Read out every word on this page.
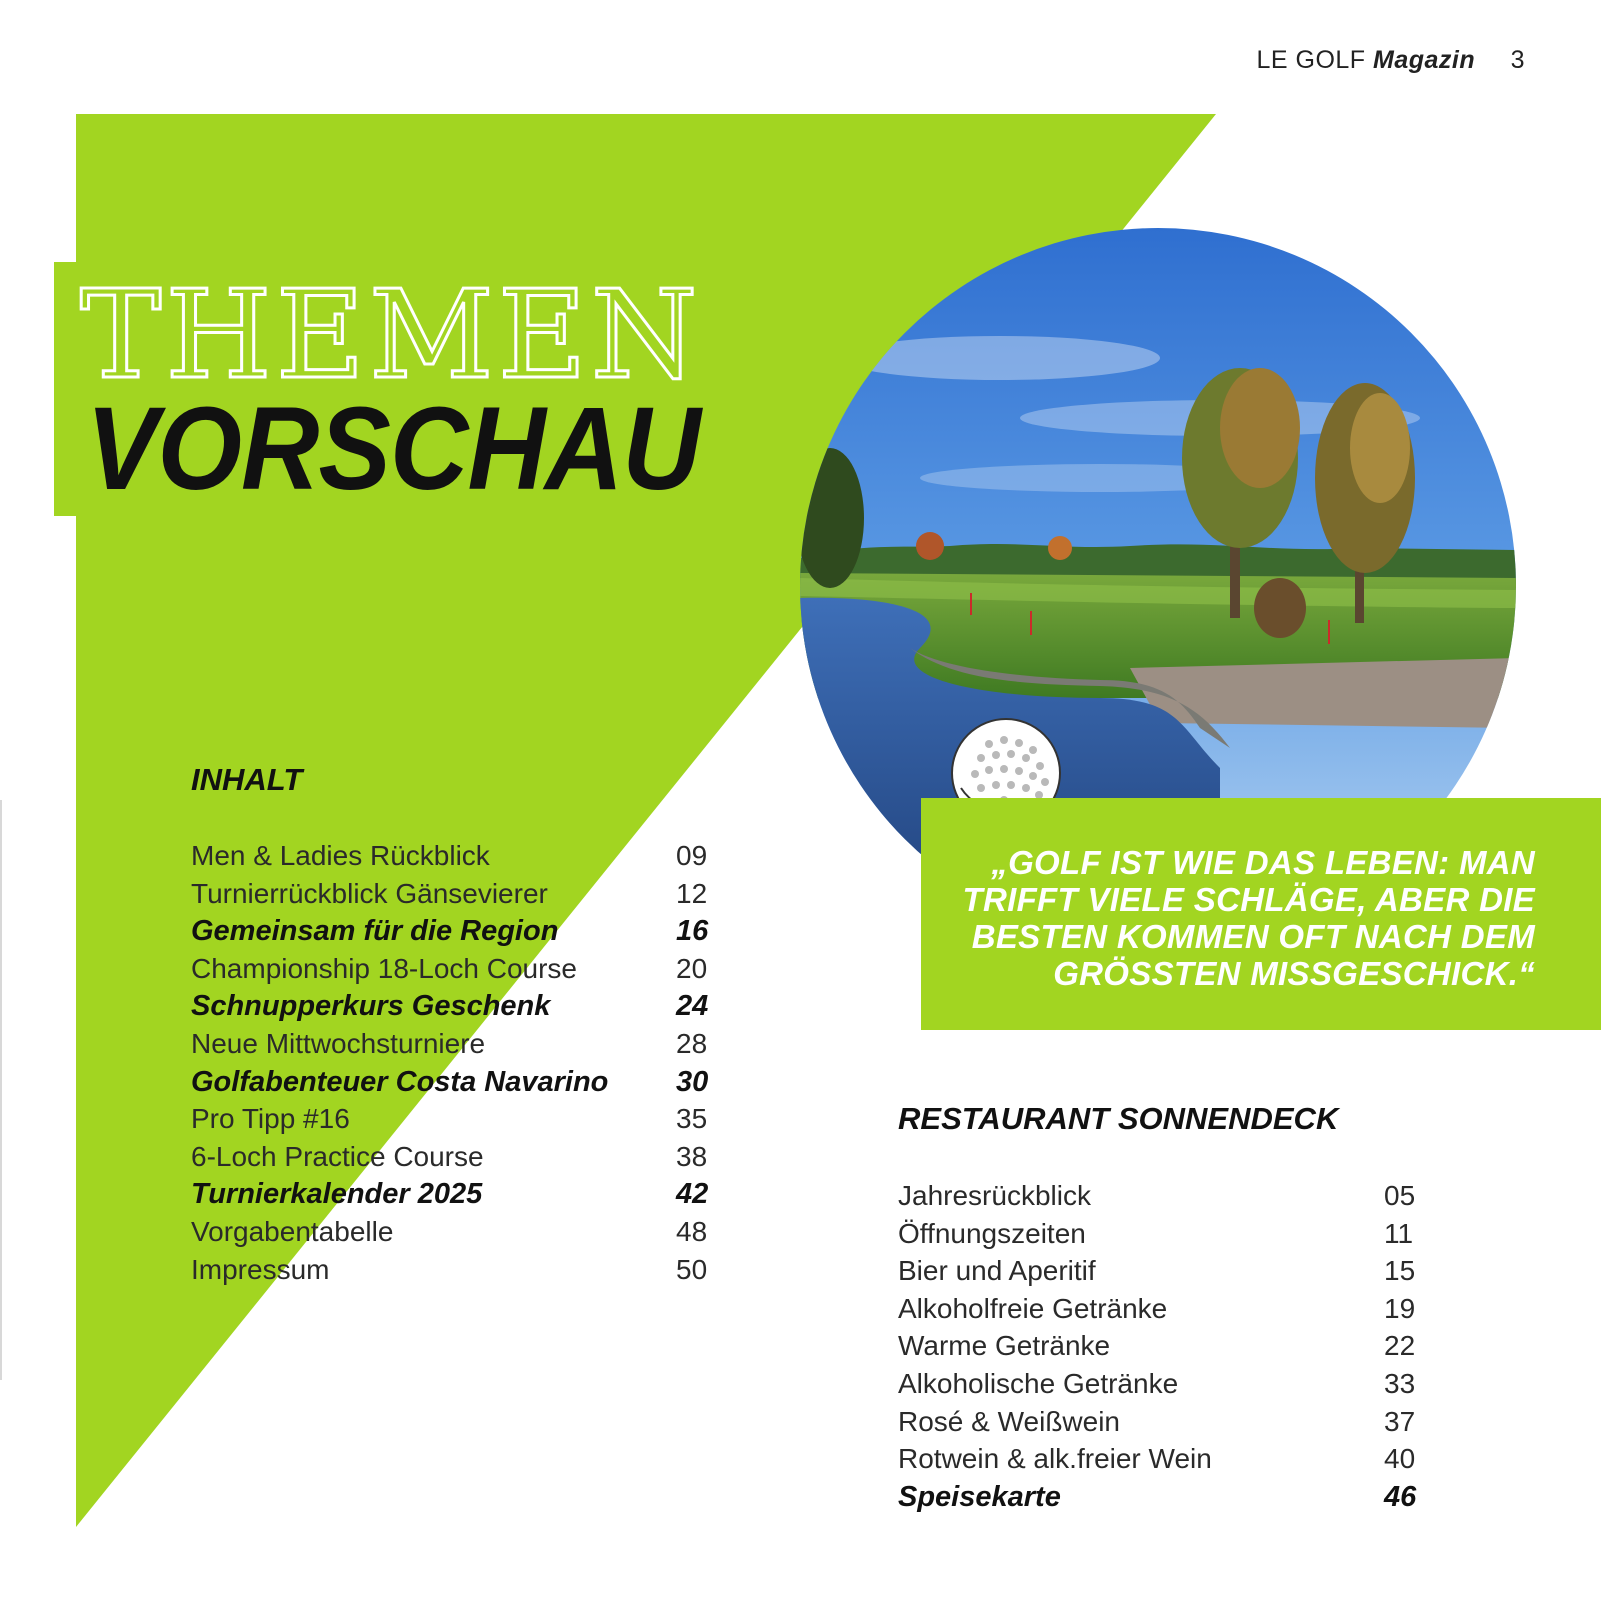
LE GOLF Magazin 3
THEMEN
VORSCHAU
INHALT
Men & Ladies Rückblick	09
Turnierrückblick Gänsevierer	12
Gemeinsam für die Region	16
Championship 18-Loch Course	20
Schnupperkurs Geschenk	24
Neue Mittwochsturniere	28
Golfabenteuer Costa Navarino 30
Pro Tipp #16	35
6-Loch Practice Course	38
Turnierkalender 2025	42
Vorgabentabelle	48
Impressum	50
„GOLF IST WIE DAS LEBEN: MAN
TRIFFT VIELE SCHLÄGE, ABER DIE
BESTEN KOMMEN OFT NACH DEM
GRÖSSTEN MISSGESCHICK.“
RESTAURANT SONNENDECK
Jahresrückblick	05
Öffnungszeiten	11
Bier und Aperitif	15
Alkoholfreie Getränke	19
Warme Getränke	22
Alkoholische Getränke	33
Rosé & Weißwein	37
Rotwein & alk.freier Wein	40
Speisekarte	46
